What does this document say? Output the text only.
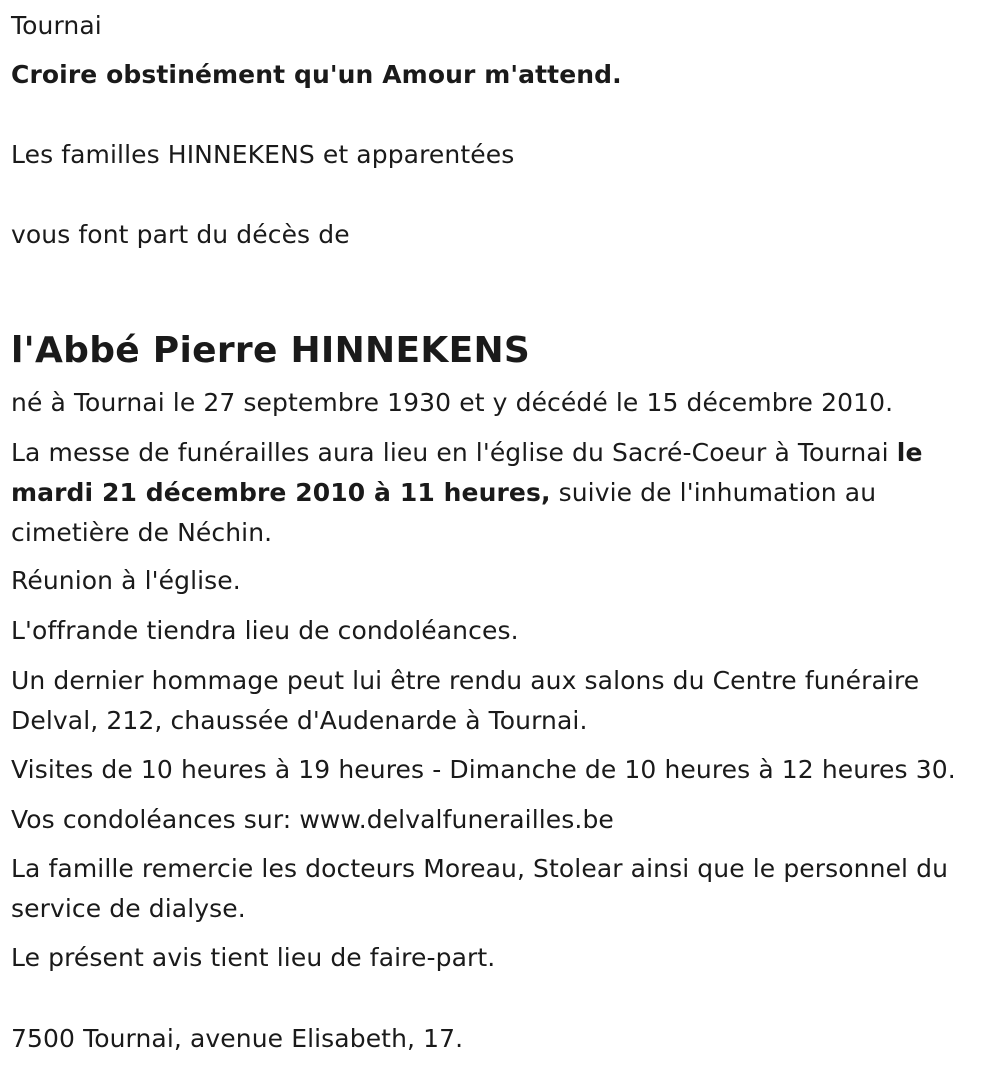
Tournai

Croire obstinément qu'un Amour m'attend.

Les familles HINNEKENS et apparentées

vous font part du décès de

l'Abbé Pierre HINNEKENS

né à Tournai le 27 septembre 1930 et y décédé le 15 décembre 2010.

La messe de funérailles aura lieu en l'église du Sacré-Coeur à Tournai le mardi 21 décembre 2010 à 11 heures, suivie de l'inhumation au cimetière de Néchin.

Réunion à l'église.

L'offrande tiendra lieu de condoléances.

Un dernier hommage peut lui être rendu aux salons du Centre funéraire Delval, 212, chaussée d'Audenarde à Tournai.

Visites de 10 heures à 19 heures - Dimanche de 10 heures à 12 heures 30.

Vos condoléances sur: www.delvalfunerailles.be

La famille remercie les docteurs Moreau, Stolear ainsi que le personnel du service de dialyse.

Le présent avis tient lieu de faire-part.

7500 Tournai, avenue Elisabeth, 17.
